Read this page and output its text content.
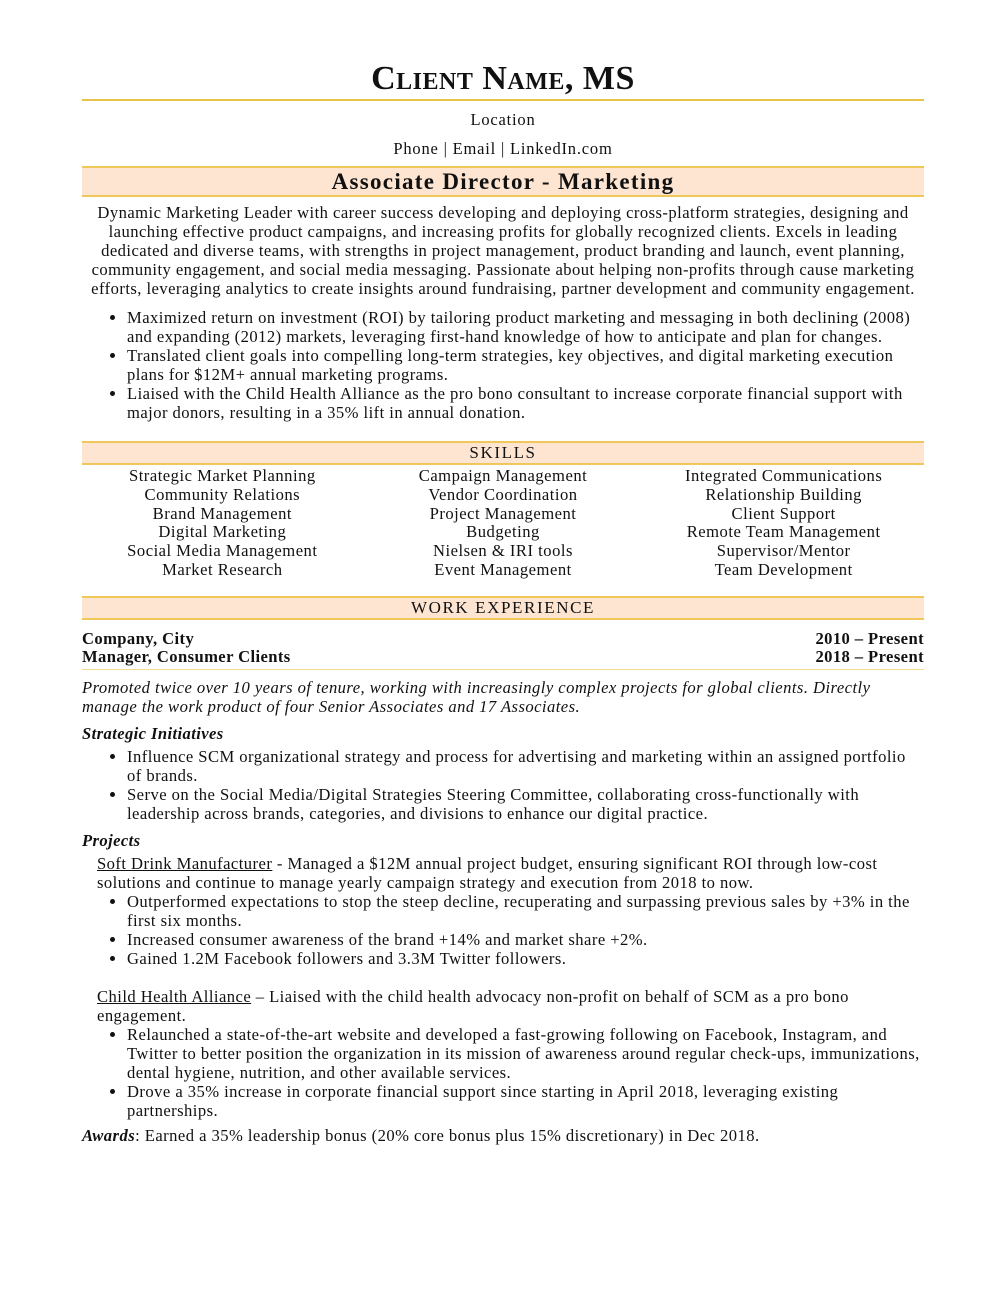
Client Name, MS
Location
Phone | Email | LinkedIn.com
Associate Director - Marketing

Dynamic Marketing Leader with career success developing and deploying cross-platform strategies, designing and launching effective product campaigns, and increasing profits for globally recognized clients. Excels in leading dedicated and diverse teams, with strengths in project management, product branding and launch, event planning, community engagement, and social media messaging. Passionate about helping non-profits through cause marketing efforts, leveraging analytics to create insights around fundraising, partner development and community engagement.

• Maximized return on investment (ROI) by tailoring product marketing and messaging in both declining (2008) and expanding (2012) markets, leveraging first-hand knowledge of how to anticipate and plan for changes.
• Translated client goals into compelling long-term strategies, key objectives, and digital marketing execution plans for $12M+ annual marketing programs.
• Liaised with the Child Health Alliance as the pro bono consultant to increase corporate financial support with major donors, resulting in a 35% lift in annual donation.
SKILLS
Strategic Market Planning	Campaign Management	Integrated Communications
Community Relations	Vendor Coordination	Relationship Building
Brand Management	Project Management	Client Support
Digital Marketing	Budgeting	Remote Team Management
Social Media Management	Nielsen & IRI tools	Supervisor/Mentor
Market Research	Event Management	Team Development
WORK EXPERIENCE
Company, City	2010 – Present
Manager, Consumer Clients	2018 – Present

Promoted twice over 10 years of tenure, working with increasingly complex projects for global clients. Directly manage the work product of four Senior Associates and 17 Associates.

Strategic Initiatives
• Influence SCM organizational strategy and process for advertising and marketing within an assigned portfolio of brands.
• Serve on the Social Media/Digital Strategies Steering Committee, collaborating cross-functionally with leadership across brands, categories, and divisions to enhance our digital practice.
Projects

Soft Drink Manufacturer - Managed a $12M annual project budget, ensuring significant ROI through low-cost solutions and continue to manage yearly campaign strategy and execution from 2018 to now.

• Outperformed expectations to stop the steep decline, recuperating and surpassing previous sales by +3% in the first six months.
• Increased consumer awareness of the brand +14% and market share +2%.
• Gained 1.2M Facebook followers and 3.3M Twitter followers.

Child Health Alliance – Liaised with the child health advocacy non-profit on behalf of SCM as a pro bono engagement.

• Relaunched a state-of-the-art website and developed a fast-growing following on Facebook, Instagram, and Twitter to better position the organization in its mission of awareness around regular check-ups, immunizations, dental hygiene, nutrition, and other available services.
• Drove a 35% increase in corporate financial support since starting in April 2018, leveraging existing partnerships.

Awards: Earned a 35% leadership bonus (20% core bonus plus 15% discretionary) in Dec 2018.
